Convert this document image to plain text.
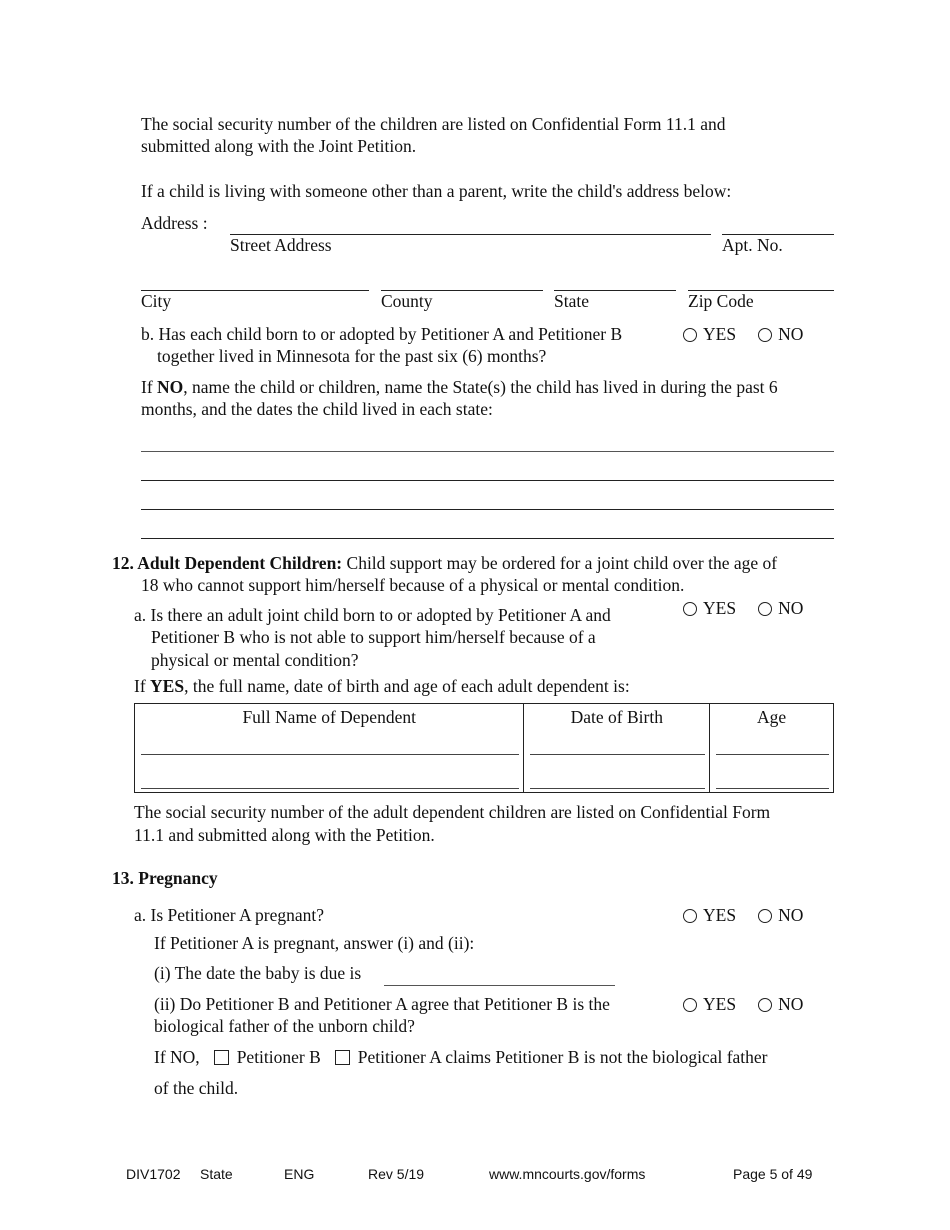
The social security number of the children are listed on Confidential Form 11.1 and
submitted along with the Joint Petition.
If a child is living with someone other than a parent, write the child's address below:
Address :
Street Address	Apt. No.
City	County	State	Zip Code
b. Has each child born to or adopted by Petitioner A and Petitioner B
together lived in Minnesota for the past six (6) months?
YES NO
If NO, name the child or children, name the State(s) the child has lived in during the past 6
months, and the dates the child lived in each state:
12. Adult Dependent Children: Child support may be ordered for a joint child over the age of
18 who cannot support him/herself because of a physical or mental condition.
a. Is there an adult joint child born to or adopted by Petitioner A and
Petitioner B who is not able to support him/herself because of a
physical or mental condition?
YES NO
If YES, the full name, date of birth and age of each adult dependent is:
Full Name of Dependent	Date of Birth	Age
The social security number of the adult dependent children are listed on Confidential Form
11.1 and submitted along with the Petition.
13. Pregnancy
a. Is Petitioner A pregnant?	YES NO
If Petitioner A is pregnant, answer (i) and (ii):
(i) The date the baby is due is
(ii) Do Petitioner B and Petitioner A agree that Petitioner B is the
biological father of the unborn child?
YES NO
If NO, Petitioner B Petitioner A claims Petitioner B is not the biological father
of the child.
DIV1702 State	ENG	Rev 5/19	www.mncourts.gov/forms	Page 5 of 49
